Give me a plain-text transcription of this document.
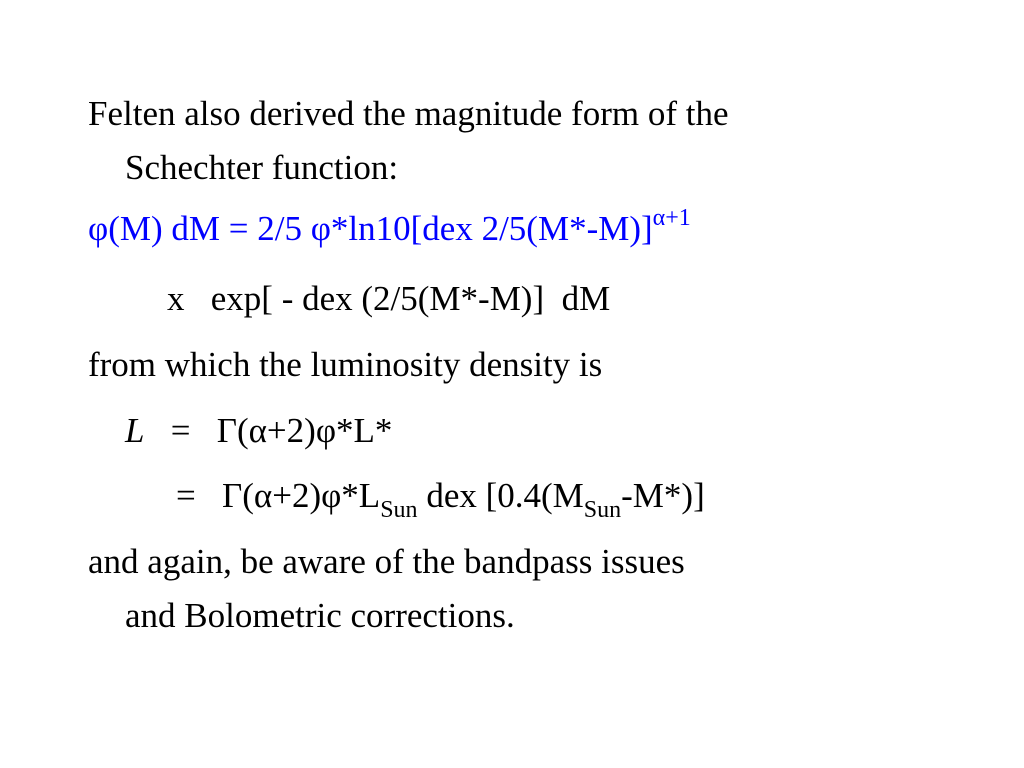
Felten also derived the magnitude form of the
Schechter function:
φ(M) dM = 2/5 φ*ln10[dex 2/5(M*-M)]$^{\alpha+1}$
x   exp[ - dex (2/5(M*-M)]  dM
from which the luminosity density is
L =   Γ(α+2)φ*L*
=   $\Gamma(\alpha+2)\varphi*L_{Sun}$ dex $[0.4(M_{Sun}-M*)]$
and again, be aware of the bandpass issues
and Bolometric corrections.
